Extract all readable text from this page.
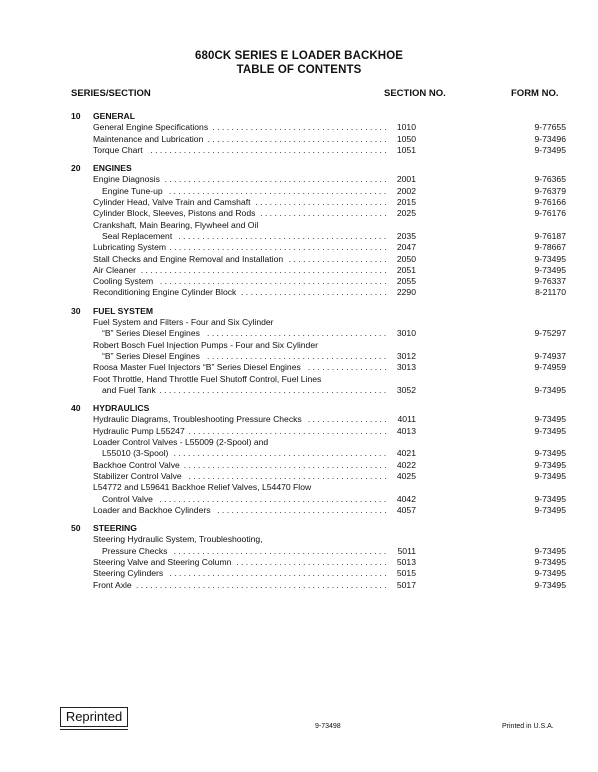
680CK SERIES E LOADER BACKHOE
TABLE OF CONTENTS
SERIES/SECTION	SECTION NO.	FORM NO.
10 GENERAL
General Engine Specifications . . .	1010	9-77655
Maintenance and Lubrication . . .	1050	9-73496
Torque Chart . . .	1051	9-73495
20 ENGINES
Engine Diagnosis . . .	2001	9-76365
Engine Tune-up . . .	2002	9-76379
Cylinder Head, Valve Train and Camshaft . . .	2015	9-76166
Cylinder Block, Sleeves, Pistons and Rods . . .	2025	9-76176
Crankshaft, Main Bearing, Flywheel and Oil
Seal Replacement . . .	2035	9-76187
Lubricating System . . .	2047	9-78667
Stall Checks and Engine Removal and Installation . . .	2050	9-73495
Air Cleaner . . .	2051	9-73495
Cooling System . . .	2055	9-76337
Reconditioning Engine Cylinder Block . . .	2290	8-21170
30 FUEL SYSTEM
Fuel System and Filters - Four and Six Cylinder
“B” Series Diesel Engines . . .	3010	9-75297
Robert Bosch Fuel Injection Pumps - Four and Six Cylinder
“B” Series Diesel Engines . . .	3012	9-74937
Roosa Master Fuel Injectors “B” Series Diesel Engines . . .	3013	9-74959
Foot Throttle, Hand Throttle Fuel Shutoff Control, Fuel Lines
and Fuel Tank . . .	3052	9-73495
40 HYDRAULICS
Hydraulic Diagrams, Troubleshooting Pressure Checks . . .	4011	9-73495
Hydraulic Pump L55247 . . .	4013	9-73495
Loader Control Valves - L55009 (2-Spool) and
L55010 (3-Spool) . . .	4021	9-73495
Backhoe Control Valve . . .	4022	9-73495
Stabilizer Control Valve . . .	4025	9-73495
L54772 and L59641 Backhoe Relief Valves, L54470 Flow
Control Valve . . .	4042	9-73495
Loader and Backhoe Cylinders . . .	4057	9-73495
50 STEERING
Steering Hydraulic System, Troubleshooting,
Pressure Checks . . .	5011	9-73495
Steering Valve and Steering Column . . .	5013	9-73495
Steering Cylinders . . .	5015	9-73495
Front Axle . . .	5017	9-73495
Reprinted
9-73498	Printed in U.S.A.
